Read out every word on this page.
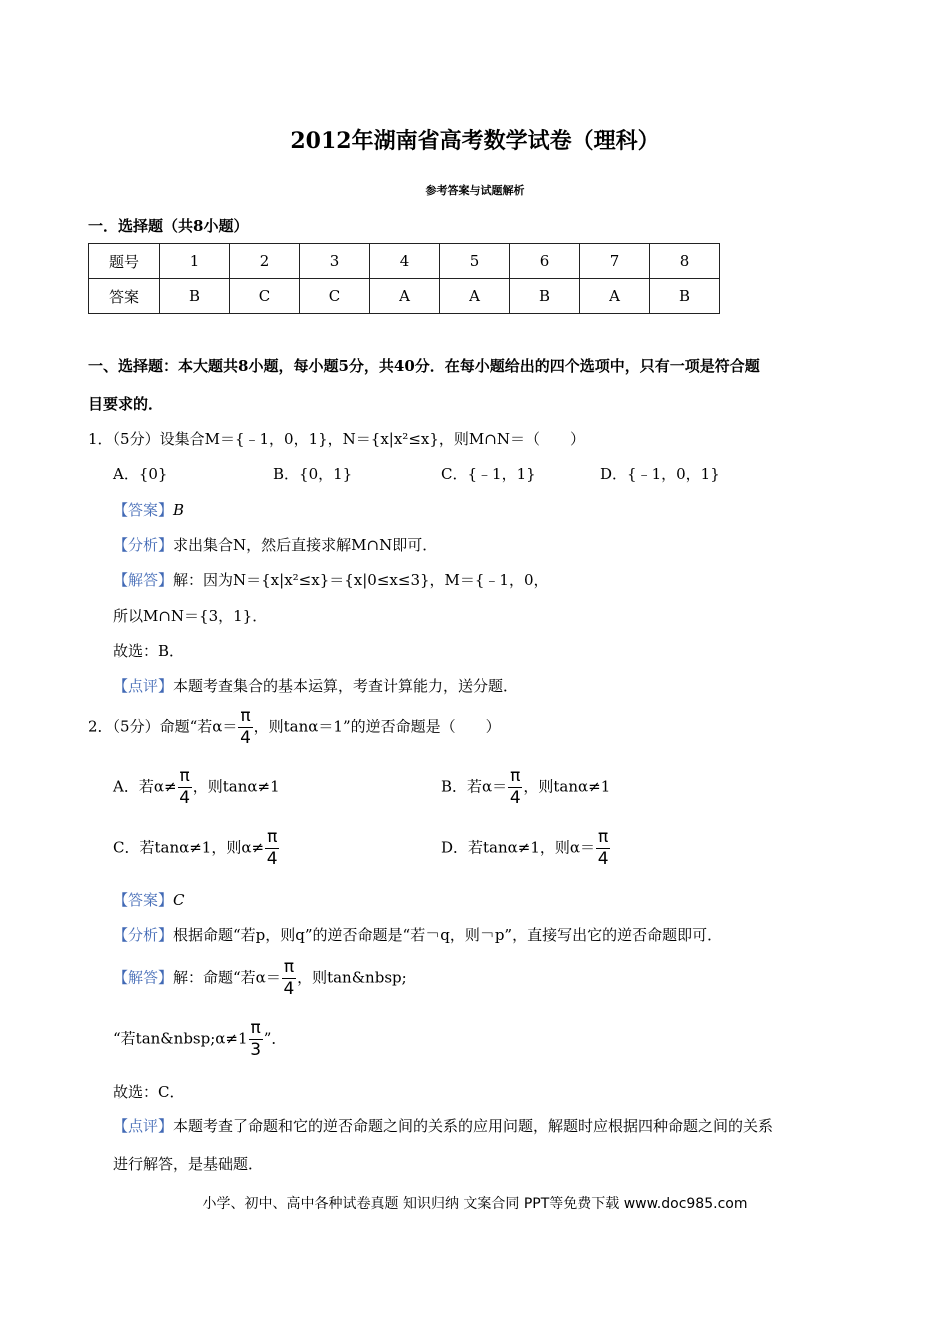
2012年湖南省高考数学试卷（理科）
参考答案与试题解析
一．选择题（共8小题）
题号	1	2	3	4	5	6	7	8
答案	B	C	C	A	A	B	A	B
一、选择题：本大题共8小题，每小题5分，共40分．在每小题给出的四个选项中，只有一项是符合题
目要求的．
1．（5分）设集合M＝{﹣1，0，1}，N＝{x|x²≤x}，则M∩N＝（　　）
A．{0}	B．{0，1}	C．{﹣1，1}	D．{﹣1，0，1}
【答案】B
【分析】求出集合N，然后直接求解M∩N即可．
【解答】解：因为N＝{x|x²≤x}＝{x|0≤x≤3}，M＝{﹣1，0，
所以M∩N＝{3，1}．
故选：B．
【点评】本题考查集合的基本运算，考查计算能力，送分题．
2．（5分）命题“若$\alpha= \frac{\pi}{4}$ ，则tanα＝1”的逆否命题是（　　）
A．若$\alpha\ne \frac{\pi}{4}$ ，则tanα≠1	B．若$\alpha= \frac{\pi}{4}$ ，则tanα≠1
C．若tanα≠1，则$\alpha\ne \frac{\pi}{4}$	D．若tanα≠1，则$\alpha= \frac{\pi}{4}$
【答案】C
【分析】根据命题“若p，则q”的逆否命题是“若￢q，则￢p”，直接写出它的逆否命题即可．
【解答】解：命题“若$\alpha= \frac{\pi}{4}$ ，则tan&nbsp;
“若tan&nbsp;α≠1 $\frac{\pi}{3}$ ”．
故选：C．
【点评】本题考查了命题和它的逆否命题之间的关系的应用问题，解题时应根据四种命题之间的关系
进行解答，是基础题．
小学、初中、高中各种试卷真题 知识归纳 文案合同 PPT等免费下载 www.doc985.com
